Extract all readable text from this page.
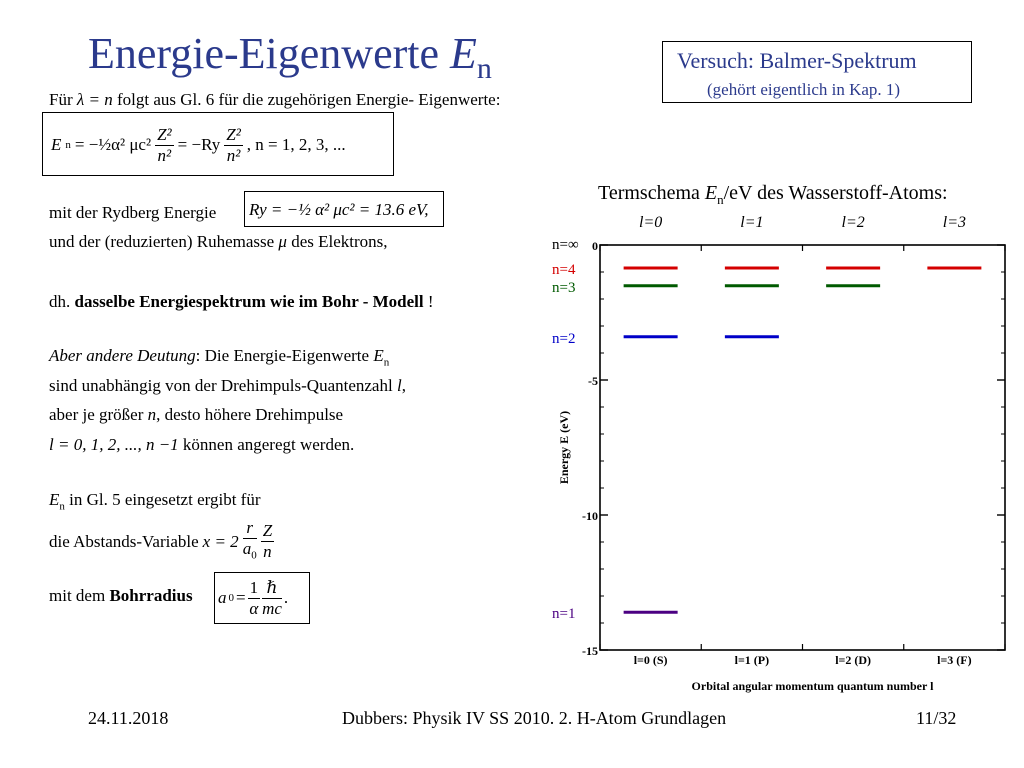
Energie-Eigenwerte $E_n$	Versuch: Balmer-Spektrum
(gehört eigentlich in Kap. 1)
Für λ = n folgt aus Gl. 6 für die zugehörigen Energie- Eigenwerte:
E n = −½α² $\mu c^2 \frac{\text{Z²}}{\text{n²}} = -Ry \frac{\text{Z²}}{\text{n²}}$ , n = 1, 2, 3, ...
mit der Rydberg Energie Ry = −½ α² μc² = 13.6 eV,
und der (reduzierten) Ruhemasse μ des Elektrons,
dh. dasselbe Energiespektrum wie im Bohr - Modell !
Aber andere Deutung: Die Energie-Eigenwerte $E_n$
sind unabhängig von der Drehimpuls-Quantenzahl l,
aber je größer n, desto höhere Drehimpulse
l = 0, 1, 2, ..., n −1 können angeregt werden.
$E_n$ in Gl. 5 eingesetzt ergibt für
die Abstands-Variable $x = 2 \frac{r}{a_0} \frac{Z}{n}$
mit dem Bohrradius a $0 = \frac{1}{\alpha} \frac{\text{ℏ}}{mc}$ .
Termschema $E_n/eV$ des Wasserstoff-Atoms:
0
-5
-10
-15
l=0	l=1	l=2	l=3
l=0 (S)	l=1 (P)	l=2 (D)	l=3 (F)
n=∞
n=4
n=3
n=2
n=1
Energy E (eV)
Orbital angular momentum quantum number l
24.11.2018	Dubbers: Physik IV SS 2010. 2. H-Atom Grundlagen	11/32
